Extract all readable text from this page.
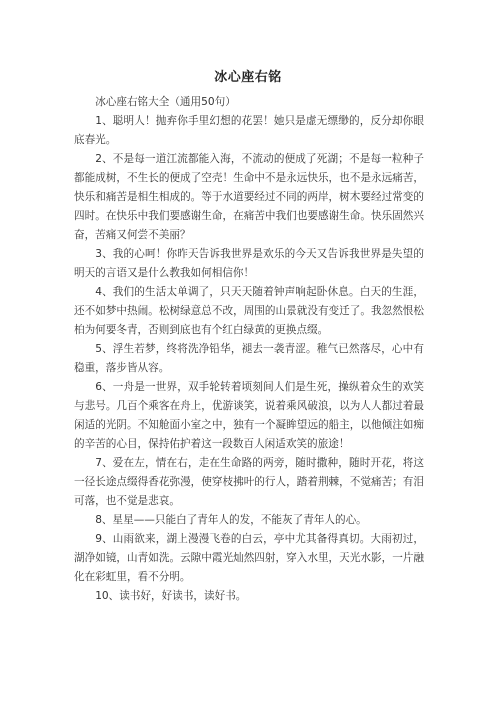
冰心座右铭

冰心座右铭大全（通用50句）

1、聪明人！抛弃你手里幻想的花罢！她只是虚无缥缈的，反分却你眼底春光。

2、不是每一道江流都能入海，不流动的便成了死湖；不是每一粒种子都能成树，不生长的便成了空壳！生命中不是永远快乐，也不是永远痛苦，快乐和痛苦是相生相成的。等于水道要经过不同的两岸，树木要经过常变的四时。在快乐中我们要感谢生命，在痛苦中我们也要感谢生命。快乐固然兴奋，苦痛又何尝不美丽？

3、我的心呵！你昨天告诉我世界是欢乐的今天又告诉我世界是失望的明天的言语又是什么教我如何相信你！

4、我们的生活太单调了，只天天随着钟声响起卧休息。白天的生涯，还不如梦中热闹。松树绿意总不改，周围的山景就没有变迁了。我忽然恨松柏为何要冬青，否则到底也有个红白绿黄的更换点缀。

5、浮生若梦，终将洗净铅华，褪去一袭青涩。稚气已然落尽，心中有稳重，落步皆从容。

6、一舟是一世界，双手轮转着顷刻间人们是生死，操纵着众生的欢笑与悲号。几百个乘客在舟上，优游谈笑，说着乘风破浪，以为人人都过着最闲适的光阴。不知舱面小室之中，独有一个凝眸望远的船主，以他倾注如痴的辛苦的心目，保持佑护着这一段数百人闲适欢笑的旅途！

7、爱在左，情在右，走在生命路的两旁，随时撒种，随时开花，将这一径长途点缀得香花弥漫，使穿枝拂叶的行人，踏着荆棘，不觉痛苦；有泪可落，也不觉是悲哀。

8、星星——只能白了青年人的发，不能灰了青年人的心。

9、山雨欲来，湖上漫漫飞卷的白云，亭中尤其备得真切。大雨初过，湖净如镜，山青如洗。云隙中霞光灿然四射，穿入水里，天光水影，一片融化在彩虹里，看不分明。

10、读书好，好读书，读好书。
